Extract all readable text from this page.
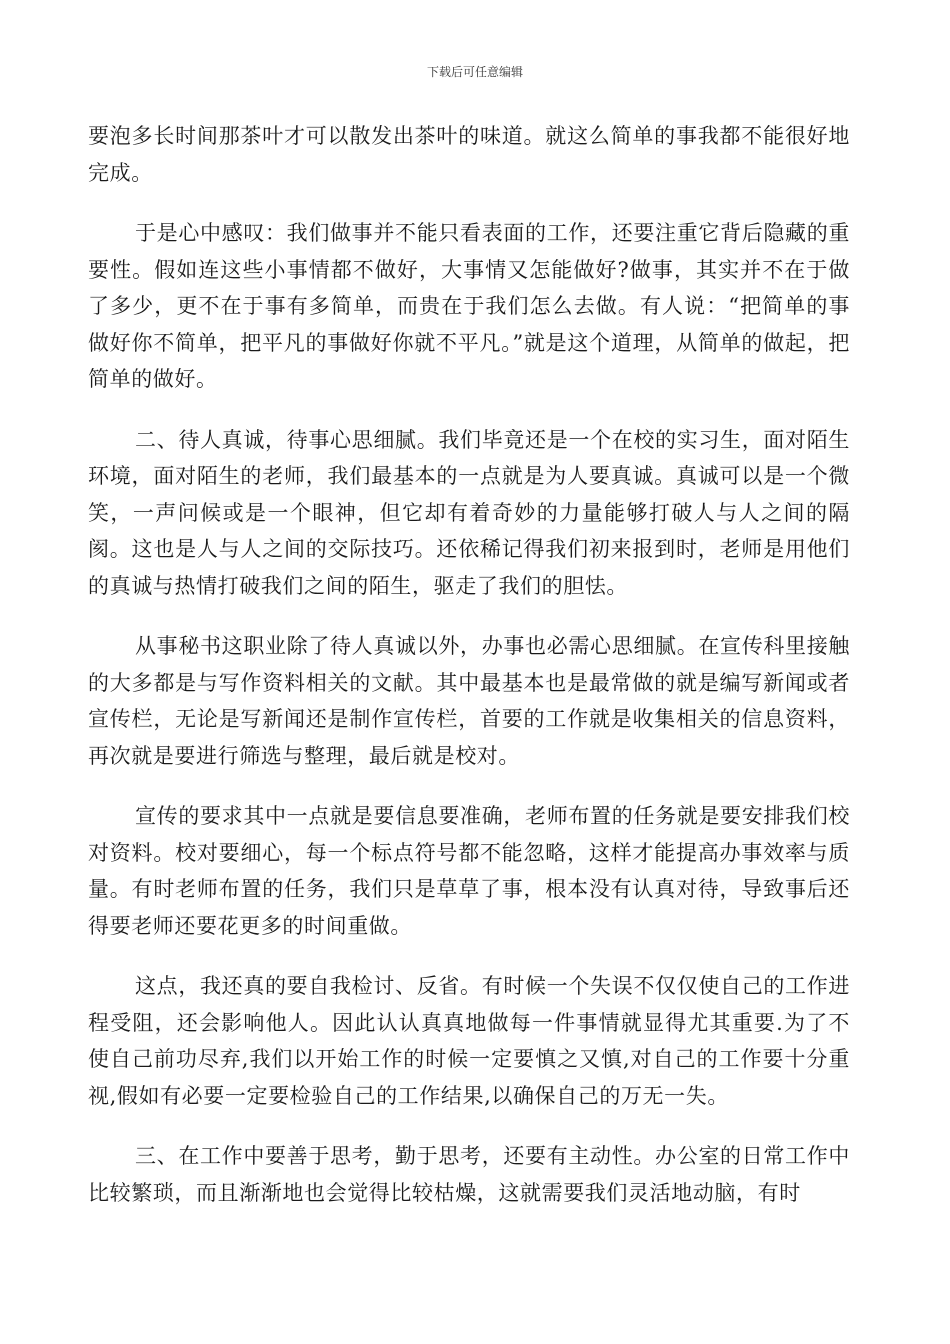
下载后可任意编辑

要泡多长时间那茶叶才可以散发出茶叶的味道。就这么简单的事我都不能很好地完成。

于是心中感叹：我们做事并不能只看表面的工作，还要注重它背后隐藏的重要性。假如连这些小事情都不做好，大事情又怎能做好?做事，其实并不在于做了多少，更不在于事有多简单，而贵在于我们怎么去做。有人说：“把简单的事做好你不简单，把平凡的事做好你就不平凡。”就是这个道理，从简单的做起，把简单的做好。

二、待人真诚，待事心思细腻。我们毕竟还是一个在校的实习生，面对陌生环境，面对陌生的老师，我们最基本的一点就是为人要真诚。真诚可以是一个微笑，一声问候或是一个眼神，但它却有着奇妙的力量能够打破人与人之间的隔阂。这也是人与人之间的交际技巧。还依稀记得我们初来报到时，老师是用他们的真诚与热情打破我们之间的陌生，驱走了我们的胆怯。

从事秘书这职业除了待人真诚以外，办事也必需心思细腻。在宣传科里接触的大多都是与写作资料相关的文献。其中最基本也是最常做的就是编写新闻或者宣传栏，无论是写新闻还是制作宣传栏，首要的工作就是收集相关的信息资料，再次就是要进行筛选与整理，最后就是校对。

宣传的要求其中一点就是要信息要准确，老师布置的任务就是要安排我们校对资料。校对要细心，每一个标点符号都不能忽略，这样才能提高办事效率与质量。有时老师布置的任务，我们只是草草了事，根本没有认真对待，导致事后还得要老师还要花更多的时间重做。

这点，我还真的要自我检讨、反省。有时候一个失误不仅仅使自己的工作进程受阻，还会影响他人。因此认认真真地做每一件事情就显得尤其重要.为了不使自己前功尽弃,我们以开始工作的时候一定要慎之又慎,对自己的工作要十分重视,假如有必要一定要检验自己的工作结果,以确保自己的万无一失。

三、在工作中要善于思考，勤于思考，还要有主动性。办公室的日常工作中比较繁琐，而且渐渐地也会觉得比较枯燥，这就需要我们灵活地动脑，有时
